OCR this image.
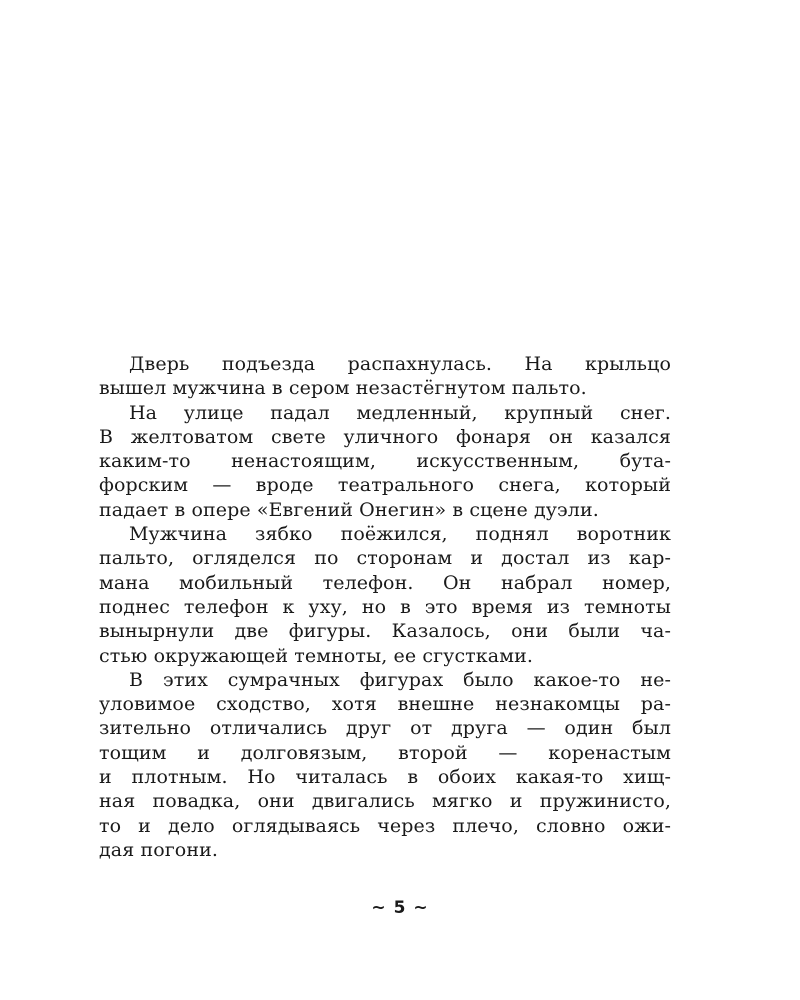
Дверь подъезда распахнулась. На крыльцо
вышел мужчина в сером незастёгнутом пальто.
На улице падал медленный, крупный снег.
В желтоватом свете уличного фонаря он казался
каким-то ненастоящим, искусственным, бута-
форским — вроде театрального снега, который
падает в опере «Евгений Онегин» в сцене дуэли.
Мужчина зябко поёжился, поднял воротник
пальто, огляделся по сторонам и достал из кар-
мана мобильный телефон. Он набрал номер,
поднес телефон к уху, но в это время из темноты
вынырнули две фигуры. Казалось, они были ча-
стью окружающей темноты, ее сгустками.
В этих сумрачных фигурах было какое-то не-
уловимое сходство, хотя внешне незнакомцы ра-
зительно отличались друг от друга — один был
тощим и долговязым, второй — коренастым
и плотным. Но читалась в обоих какая-то хищ-
ная повадка, они двигались мягко и пружинисто,
то и дело оглядываясь через плечо, словно ожи-
дая погони.
~ 5 ~
